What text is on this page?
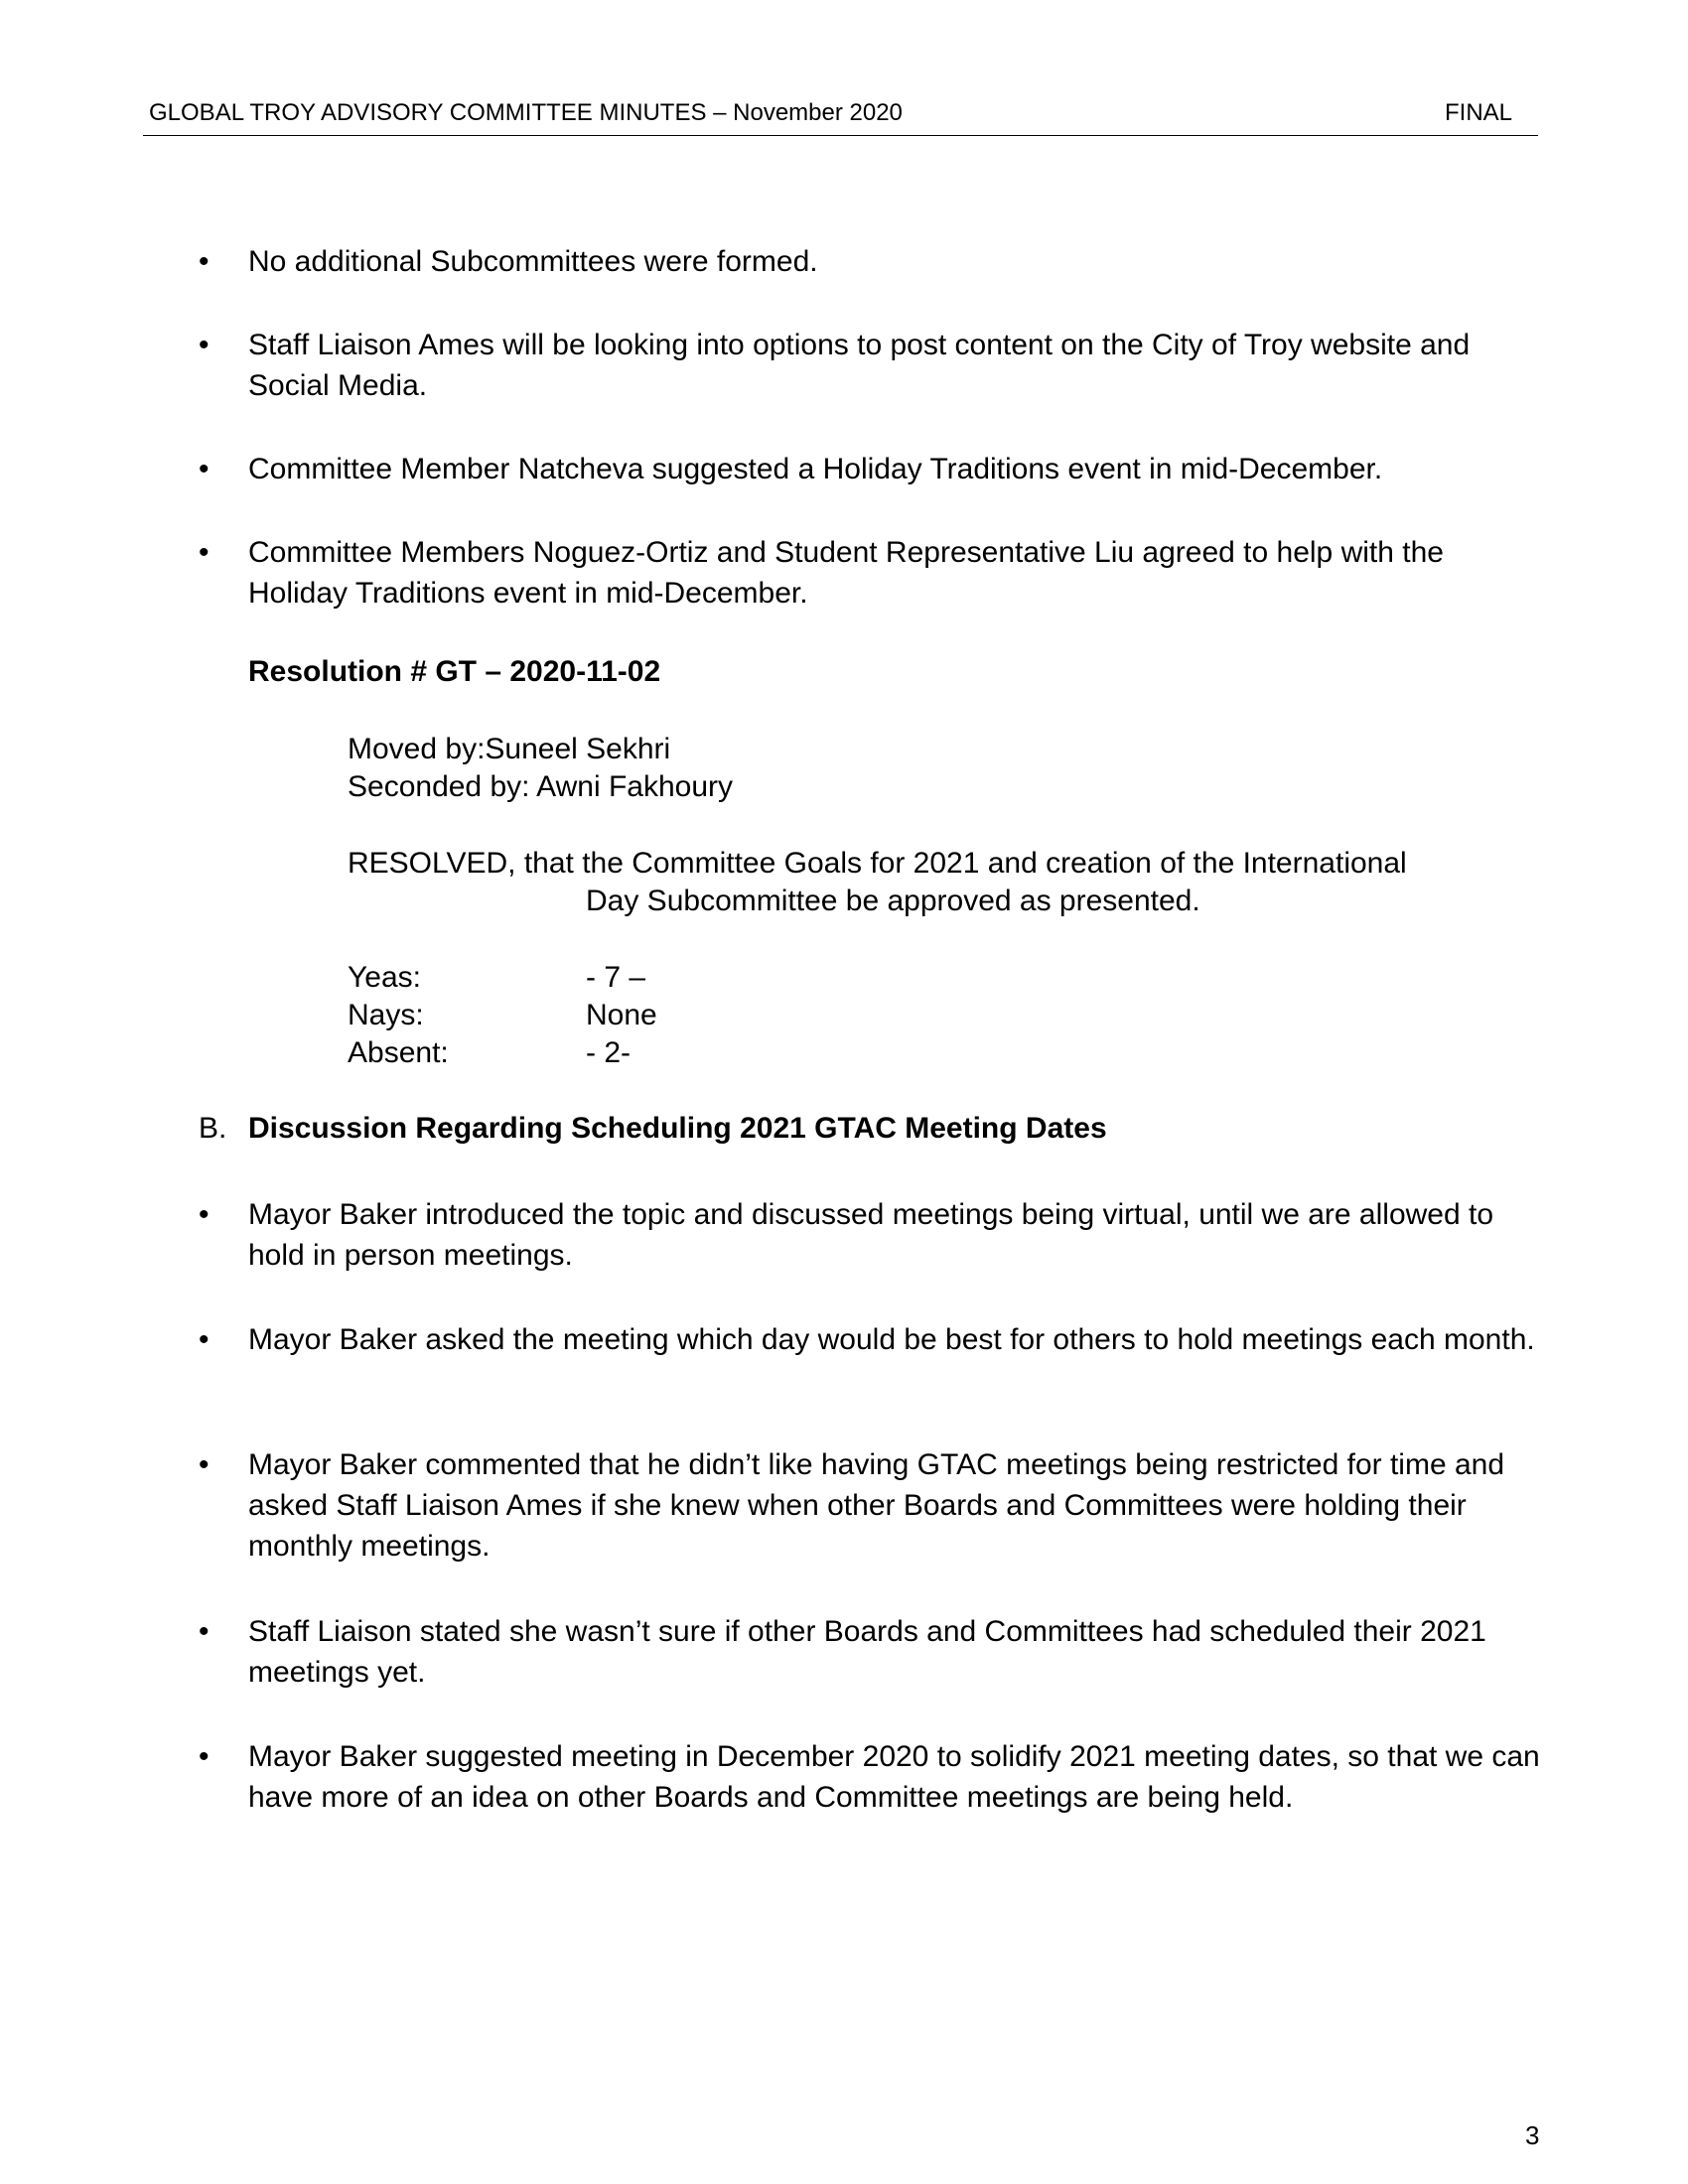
GLOBAL TROY ADVISORY COMMITTEE MINUTES – November 2020	FINAL
• No additional Subcommittees were formed.
• Staff Liaison Ames will be looking into options to post content on the City of Troy website and Social Media.
• Committee Member Natcheva suggested a Holiday Traditions event in mid-December.
• Committee Members Noguez-Ortiz and Student Representative Liu agreed to help with the Holiday Traditions event in mid-December.
Resolution # GT – 2020-11-02
Moved by:Suneel Sekhri
Seconded by: Awni Fakhoury
RESOLVED, that the Committee Goals for 2021 and creation of the International
Day Subcommittee be approved as presented.
Yeas:	- 7 –
Nays:	None
Absent:	- 2-
B. Discussion Regarding Scheduling 2021 GTAC Meeting Dates
• Mayor Baker introduced the topic and discussed meetings being virtual, until we are allowed to hold in person meetings.
• Mayor Baker asked the meeting which day would be best for others to hold meetings each month.
• Mayor Baker commented that he didn’t like having GTAC meetings being restricted for time and asked Staff Liaison Ames if she knew when other Boards and Committees were holding their monthly meetings.
• Staff Liaison stated she wasn’t sure if other Boards and Committees had scheduled their 2021 meetings yet.
• Mayor Baker suggested meeting in December 2020 to solidify 2021 meeting dates, so that we can have more of an idea on other Boards and Committee meetings are being held.
3
